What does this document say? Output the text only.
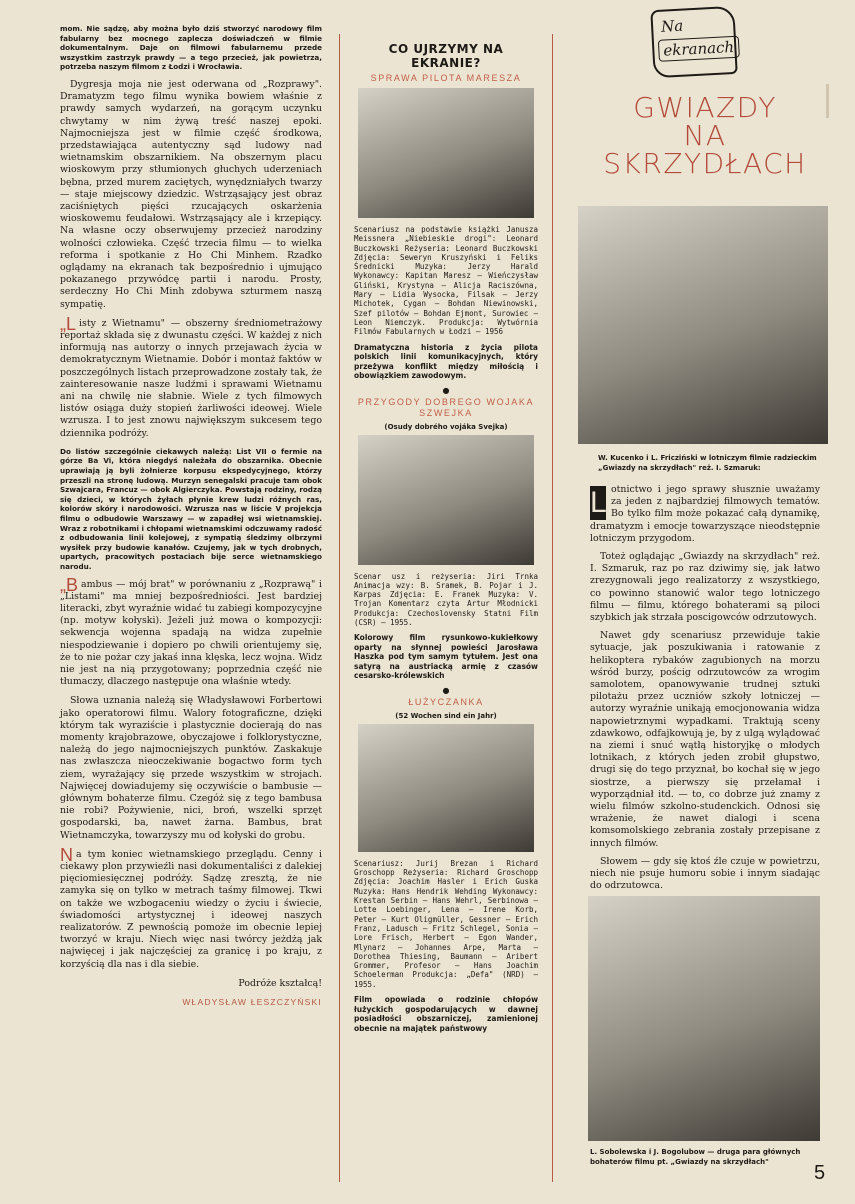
mom. Nie sądzę, aby można było dziś stworzyć narodowy film fabularny bez mocnego zaplecza doświadczeń w filmie dokumentalnym. Daje on filmowi fabularnemu przede wszystkim zastrzyk prawdy — a tego przecież, jak powietrza, potrzeba naszym filmom z Łodzi i Wrocławia.

Dygresja moja nie jest oderwana od „Rozprawy". Dramatyzm tego filmu wynika bowiem właśnie z prawdy samych wydarzeń, na gorącym uczynku chwytamy w nim żywą treść naszej epoki. Najmocniejsza jest w filmie część środkowa, przedstawiająca autentyczny sąd ludowy nad wietnamskim obszarnikiem. Na obszernym placu wioskowym przy stłumionych głuchych uderzeniach bębna, przed murem zaciętych, wynędzniałych twarzy — staje miejscowy dziedzic. Wstrząsający jest obraz zaciśniętych pięści rzucających oskarżenia wioskowemu feudałowi. Wstrząsający ale i krzepiący. Na własne oczy obserwujemy przecież narodziny wolności człowieka. Część trzecia filmu — to wielka reforma i spotkanie z Ho Chi Minhem. Rzadko oglądamy na ekranach tak bezpośrednio i ujmująco pokazanego przywódcę partii i narodu. Prosty, serdeczny Ho Chi Minh zdobywa szturmem naszą sympatię.

„Listy z Wietnamu" — obszerny średniometrażowy reportaż składa się z dwunastu części. W każdej z nich informują nas autorzy o innych przejawach życia w demokratycznym Wietnamie. Dobór i montaż faktów w poszczególnych listach przeprowadzone zostały tak, że zainteresowanie nasze ludźmi i sprawami Wietnamu ani na chwilę nie słabnie. Wiele z tych filmowych listów osiąga duży stopień żarliwości ideowej. Wiele wzrusza. I to jest znowu największym sukcesem tego dziennika podróży.

Do listów szczególnie ciekawych należą: List VII o fermie na górze Ba Vi, która niegdyś należała do obszarnika. Obecnie uprawiają ją byli żołnierze korpusu ekspedycyjnego, którzy przeszli na stronę ludową. Murzyn senegalski pracuje tam obok Szwajcara, Francuz — obok Algierczyka. Powstają rodziny, rodzą się dzieci, w których żyłach płynie krew ludzi różnych ras, kolorów skóry i narodowości. Wzrusza nas w liście V projekcja filmu o odbudowie Warszawy — w zapadłej wsi wietnamskiej. Wraz z robotnikami i chłopami wietnamskimi odczuwamy radość z odbudowania linii kolejowej, z sympatią śledzimy olbrzymi wysiłek przy budowie kanałów. Czujemy, jak w tych drobnych, upartych, pracowitych postaciach bije serce wietnamskiego narodu.

„Bambus — mój brat" w porównaniu z „Rozprawą" i „Listami" ma mniej bezpośredniości. Jest bardziej literacki, zbyt wyraźnie widać tu zabiegi kompozycyjne (np. motyw kołyski). Jeżeli już mowa o kompozycji: sekwencja wojenna spadają na widza zupełnie niespodziewanie i dopiero po chwili orientujemy się, że to nie pożar czy jakaś inna klęska, lecz wojna. Widz nie jest na nią przygotowany; poprzednia część nie tłumaczy, dlaczego następuje ona właśnie wtedy.

Słowa uznania należą się Władysławowi Forbertowi jako operatorowi filmu. Walory fotograficzne, dzięki którym tak wyraziście i plastycznie docierają do nas momenty krajobrazowe, obyczajowe i folklorystyczne, należą do jego najmocniejszych punktów. Zaskakuje nas zwłaszcza nieoczekiwanie bogactwo form tych ziem, wyrażający się przede wszystkim w strojach. Najwięcej dowiadujemy się oczywiście o bambusie — głównym bohaterze filmu. Czegóż się z tego bambusa nie robi? Pożywienie, nici, broń, wszelki sprzęt gospodarski, ba, nawet żarna. Bambus, brat Wietnamczyka, towarzyszy mu od kołyski do grobu.

Na tym koniec wietnamskiego przeglądu. Cenny i ciekawy plon przywieźli nasi dokumentaliści z dalekiej pięciomiesięcznej podróży. Sądzę zresztą, że nie zamyka się on tylko w metrach taśmy filmowej. Tkwi on także we wzbogaceniu wiedzy o życiu i świecie, świadomości artystycznej i ideowej naszych realizatorów. Z pewnością pomoże im obecnie lepiej tworzyć w kraju. Niech więc nasi twórcy jeżdżą jak najwięcej i jak najczęściej za granicę i po kraju, z korzyścią dla nas i dla siebie.

Podróże kształcą!

WŁADYSŁAW ŁESZCZYŃSKI
CO UJRZYMY NA EKRANIE?
SPRAWA PILOTA MARESZA
Scenariusz na podstawie książki Janusza Meissnera „Niebieskie drogi": Leonard Buczkowski Reżyseria: Leonard Buczkowski Zdjęcia: Seweryn Kruszyński i Feliks Średnicki Muzyka: Jerzy Harald Wykonawcy: Kapitan Maresz — Wieńczysław Gliński, Krystyna — Alicja Raciszówna, Mary — Lidia Wysocka, Filsak — Jerzy Michotek, Cygan — Bohdan Niewinowski, Szef pilotów — Bohdan Ejmont, Surowiec — Leon Niemczyk. Produkcja: Wytwórnia Filmów Fabularnych w Łodzi — 1956
Dramatyczna historia z życia pilota polskich linii komunikacyjnych, który przeżywa konflikt między miłością i obowiązkiem zawodowym.
●
PRZYGODY DOBREGO WOJAKA SZWEJKA
(Osudy dobrého vojáka Svejka)
Scenar usz i reżyseria: Jiri Trnka Animacja wzy: B. Sramek, B. Pojar i J. Karpas Zdjęcia: E. Franek Muzyka: V. Trojan Komentarz czyta Artur Młodnicki Produkcja: Czechoslovensky Statni Film (CSR) — 1955.
Kolorowy film rysunkowo-kukiełkowy oparty na słynnej powieści Jarosława Haszka pod tym samym tytułem. Jest ona satyrą na austriacką armię z czasów cesarsko-królewskich
●
ŁUŻYCZANKA
(52 Wochen sind ein Jahr)
Scenariusz: Jurij Brezan i Richard Groschopp Reżyseria: Richard Groschopp Zdjęcia: Joachim Hasler i Erich Guska Muzyka: Hans Hendrik Wehding Wykonawcy: Krestan Serbin — Hans Wehrl, Serbinowa — Lotte Loebinger, Lena — Irene Korb, Peter — Kurt Oligmüller, Gessner — Erich Franz, Ladusch — Fritz Schlegel, Sonia — Lore Frisch, Herbert — Egon Wander, Mlynarz — Johannes Arpe, Marta — Dorothea Thiesing, Baumann — Aribert Grommer, Profesor — Hans Joachim Schoelerman Produkcja: „Defa" (NRD) — 1955.
Film opowiada o rodzinie chłopów łużyckich gospodarujących w dawnej posiadłości obszarniczej, zamienionej obecnie na majątek państwowy
Na
ekranach
GWIAZDY
NA
SKRZYDŁACH
W. Kucenko i L. Fricziński w lotniczym filmie radzieckim „Gwiazdy na skrzydłach" reż. I. Szmaruk:

L otnictwo i jego sprawy słusznie uważamy za jeden z najbardziej filmowych tematów. Bo tylko film może pokazać całą dynamikę, dramatyzm i emocje towarzyszące nieodstępnie lotniczym przygodom.

Toteż oglądając „Gwiazdy na skrzydłach" reż. I. Szmaruk, raz po raz dziwimy się, jak łatwo zrezygnowali jego realizatorzy z wszystkiego, co powinno stanowić walor tego lotniczego filmu — filmu, którego bohaterami są piloci szybkich jak strzała poscigowców odrzutowych.

Nawet gdy scenariusz przewiduje takie sytuacje, jak poszukiwania i ratowanie z helikoptera rybaków zagubionych na morzu wśród burzy, pościg odrzutowców za wrogim samolotem, opanowywanie trudnej sztuki pilotażu przez uczniów szkoły lotniczej — autorzy wyraźnie unikają emocjonowania widza napowietrznymi wypadkami. Traktują sceny zdawkowo, odfajkowują je, by z ulgą wylądować na ziemi i snuć wątłą historyjkę o młodych lotnikach, z których jeden zrobił głupstwo, drugi się do tego przyznał, bo kochał się w jego siostrze, a pierwszy się przełamał i wyporządniał itd. — to, co dobrze już znamy z wielu filmów szkolno-studenckich. Odnosi się wrażenie, że nawet dialogi i scena komsomolskiego zebrania zostały przepisane z innych filmów.

Słowem — gdy się ktoś źle czuje w powietrzu, niech nie psuje humoru sobie i innym siadając do odrzutowca.

L. Sobolewska i J. Bogolubow — druga para głównych bohaterów filmu pt. „Gwiazdy na skrzydłach"
5
